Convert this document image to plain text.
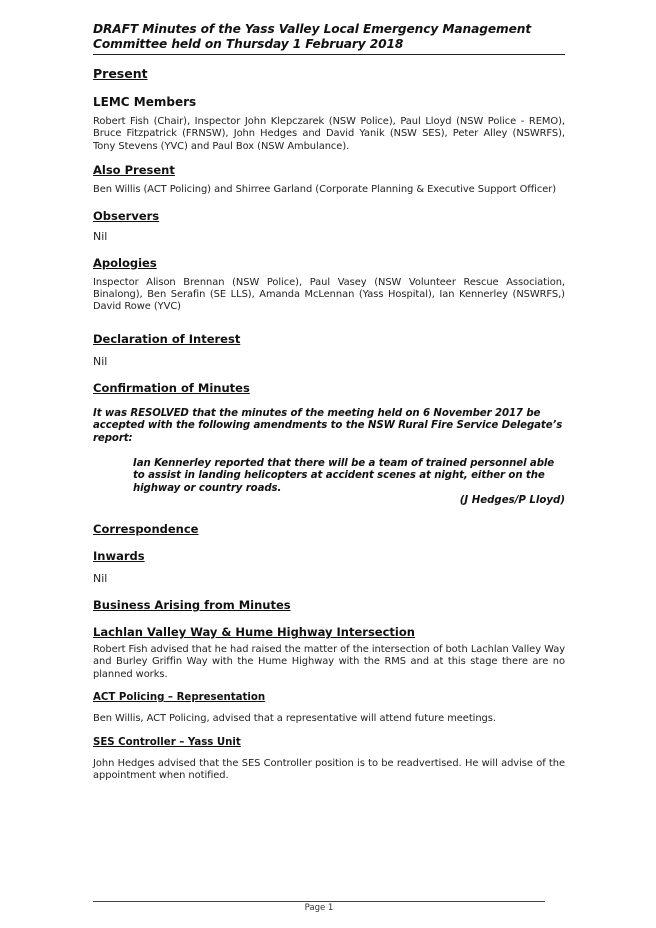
DRAFT Minutes of the Yass Valley Local Emergency Management Committee held on Thursday 1 February 2018

Present

LEMC Members

Robert Fish (Chair), Inspector John Klepczarek (NSW Police), Paul Lloyd (NSW Police - REMO), Bruce Fitzpatrick (FRNSW), John Hedges and David Yanik (NSW SES), Peter Alley (NSWRFS), Tony Stevens (YVC) and Paul Box (NSW Ambulance).

Also Present

Ben Willis (ACT Policing) and Shirree Garland (Corporate Planning & Executive Support Officer)

Observers

Nil

Apologies

Inspector Alison Brennan (NSW Police), Paul Vasey (NSW Volunteer Rescue Association, Binalong), Ben Serafin (SE LLS), Amanda McLennan (Yass Hospital), Ian Kennerley (NSWRFS,) David Rowe (YVC)

Declaration of Interest

Nil

Confirmation of Minutes

It was RESOLVED that the minutes of the meeting held on 6 November 2017 be accepted with the following amendments to the NSW Rural Fire Service Delegate’s report:

Ian Kennerley reported that there will be a team of trained personnel able to assist in landing helicopters at accident scenes at night, either on the highway or country roads.

(J Hedges/P Lloyd)

Correspondence

Inwards

Nil

Business Arising from Minutes

Lachlan Valley Way & Hume Highway Intersection

Robert Fish advised that he had raised the matter of the intersection of both Lachlan Valley Way and Burley Griffin Way with the Hume Highway with the RMS and at this stage there are no planned works.

ACT Policing – Representation

Ben Willis, ACT Policing, advised that a representative will attend future meetings.

SES Controller – Yass Unit

John Hedges advised that the SES Controller position is to be readvertised. He will advise of the appointment when notified.

Page 1
